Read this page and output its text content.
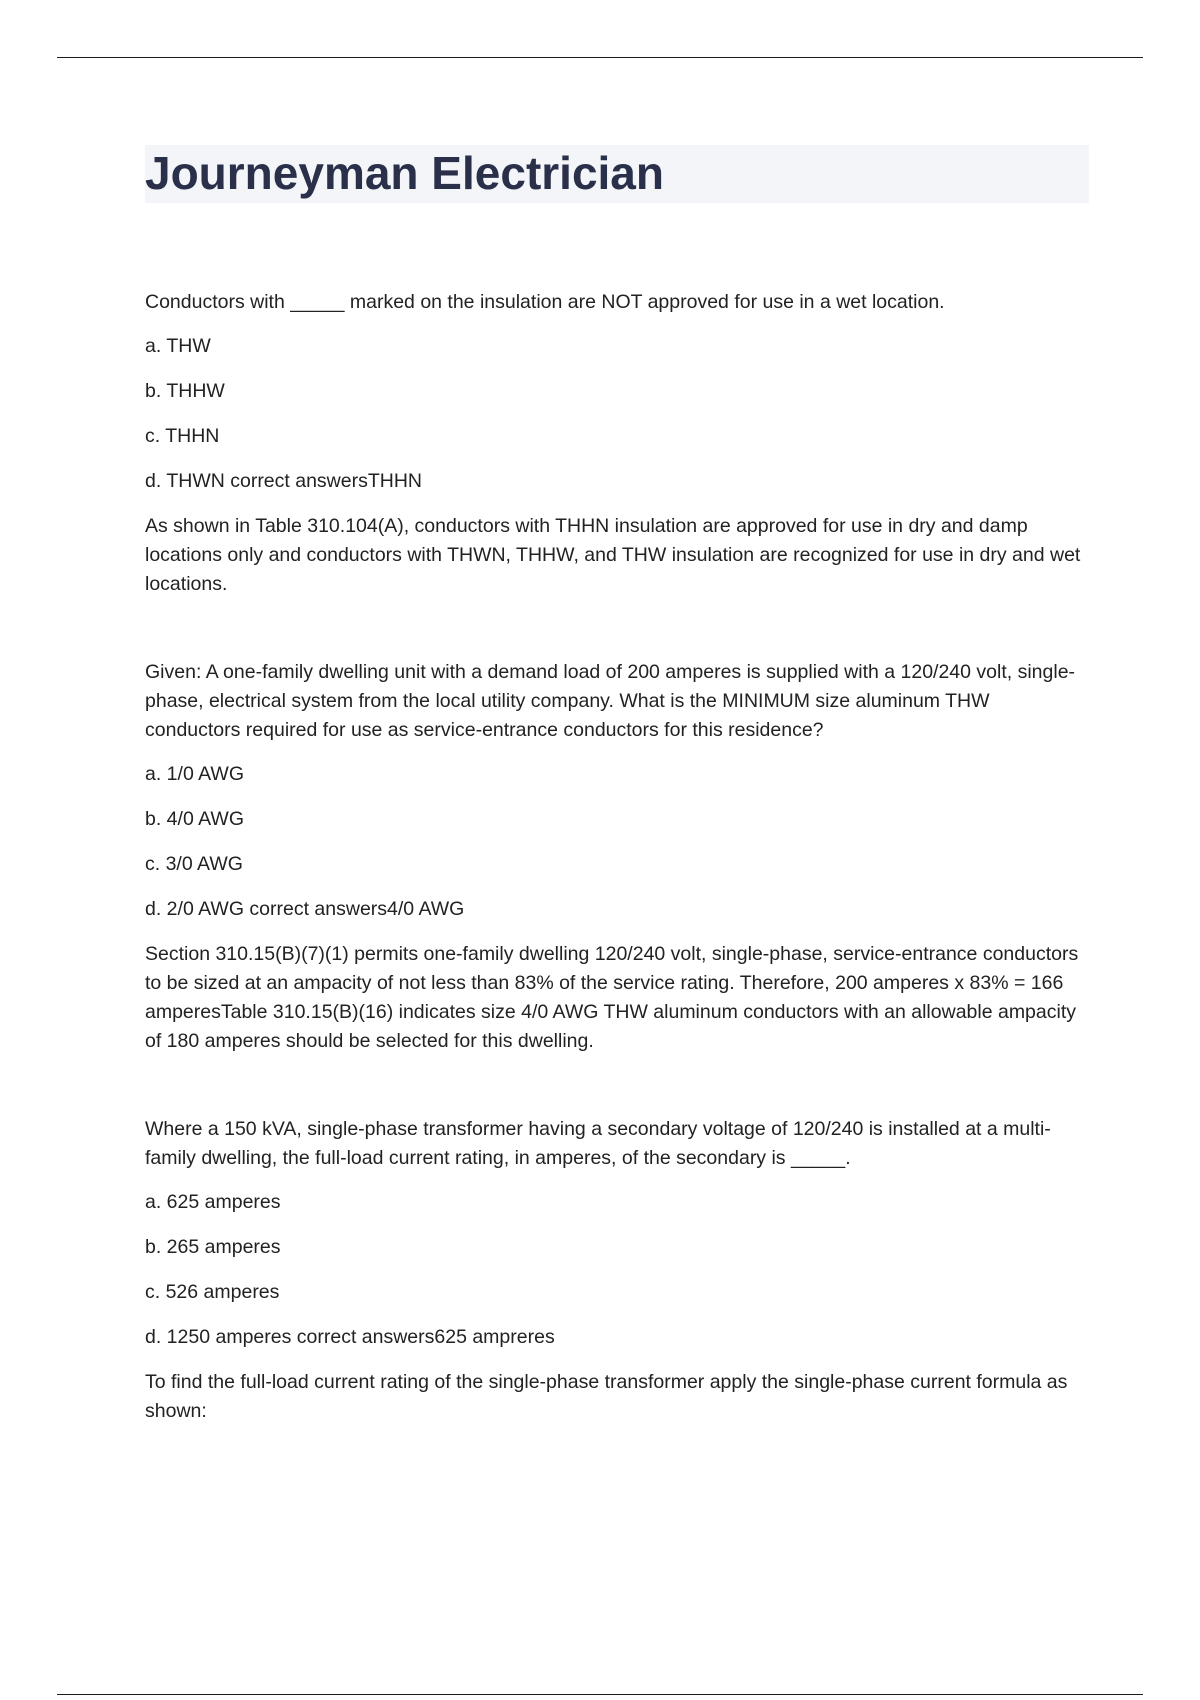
Journeyman Electrician

Conductors with _____ marked on the insulation are NOT approved for use in a wet location.

a. THW

b. THHW

c. THHN

d. THWN correct answersTHHN

As shown in Table 310.104(A), conductors with THHN insulation are approved for use in dry and damp locations only and conductors with THWN, THHW, and THW insulation are recognized for use in dry and wet locations.

Given: A one-family dwelling unit with a demand load of 200 amperes is supplied with a 120/240 volt, single-phase, electrical system from the local utility company. What is the MINIMUM size aluminum THW conductors required for use as service-entrance conductors for this residence?

a. 1/0 AWG

b. 4/0 AWG

c. 3/0 AWG

d. 2/0 AWG correct answers4/0 AWG

Section 310.15(B)(7)(1) permits one-family dwelling 120/240 volt, single-phase, service-entrance conductors to be sized at an ampacity of not less than 83% of the service rating. Therefore, 200 amperes x 83% = 166 amperesTable 310.15(B)(16) indicates size 4/0 AWG THW aluminum conductors with an allowable ampacity of 180 amperes should be selected for this dwelling.

Where a 150 kVA, single-phase transformer having a secondary voltage of 120/240 is installed at a multi-family dwelling, the full-load current rating, in amperes, of the secondary is _____.

a. 625 amperes

b. 265 amperes

c. 526 amperes

d. 1250 amperes correct answers625 ampreres

To find the full-load current rating of the single-phase transformer apply the single-phase current formula as shown:
